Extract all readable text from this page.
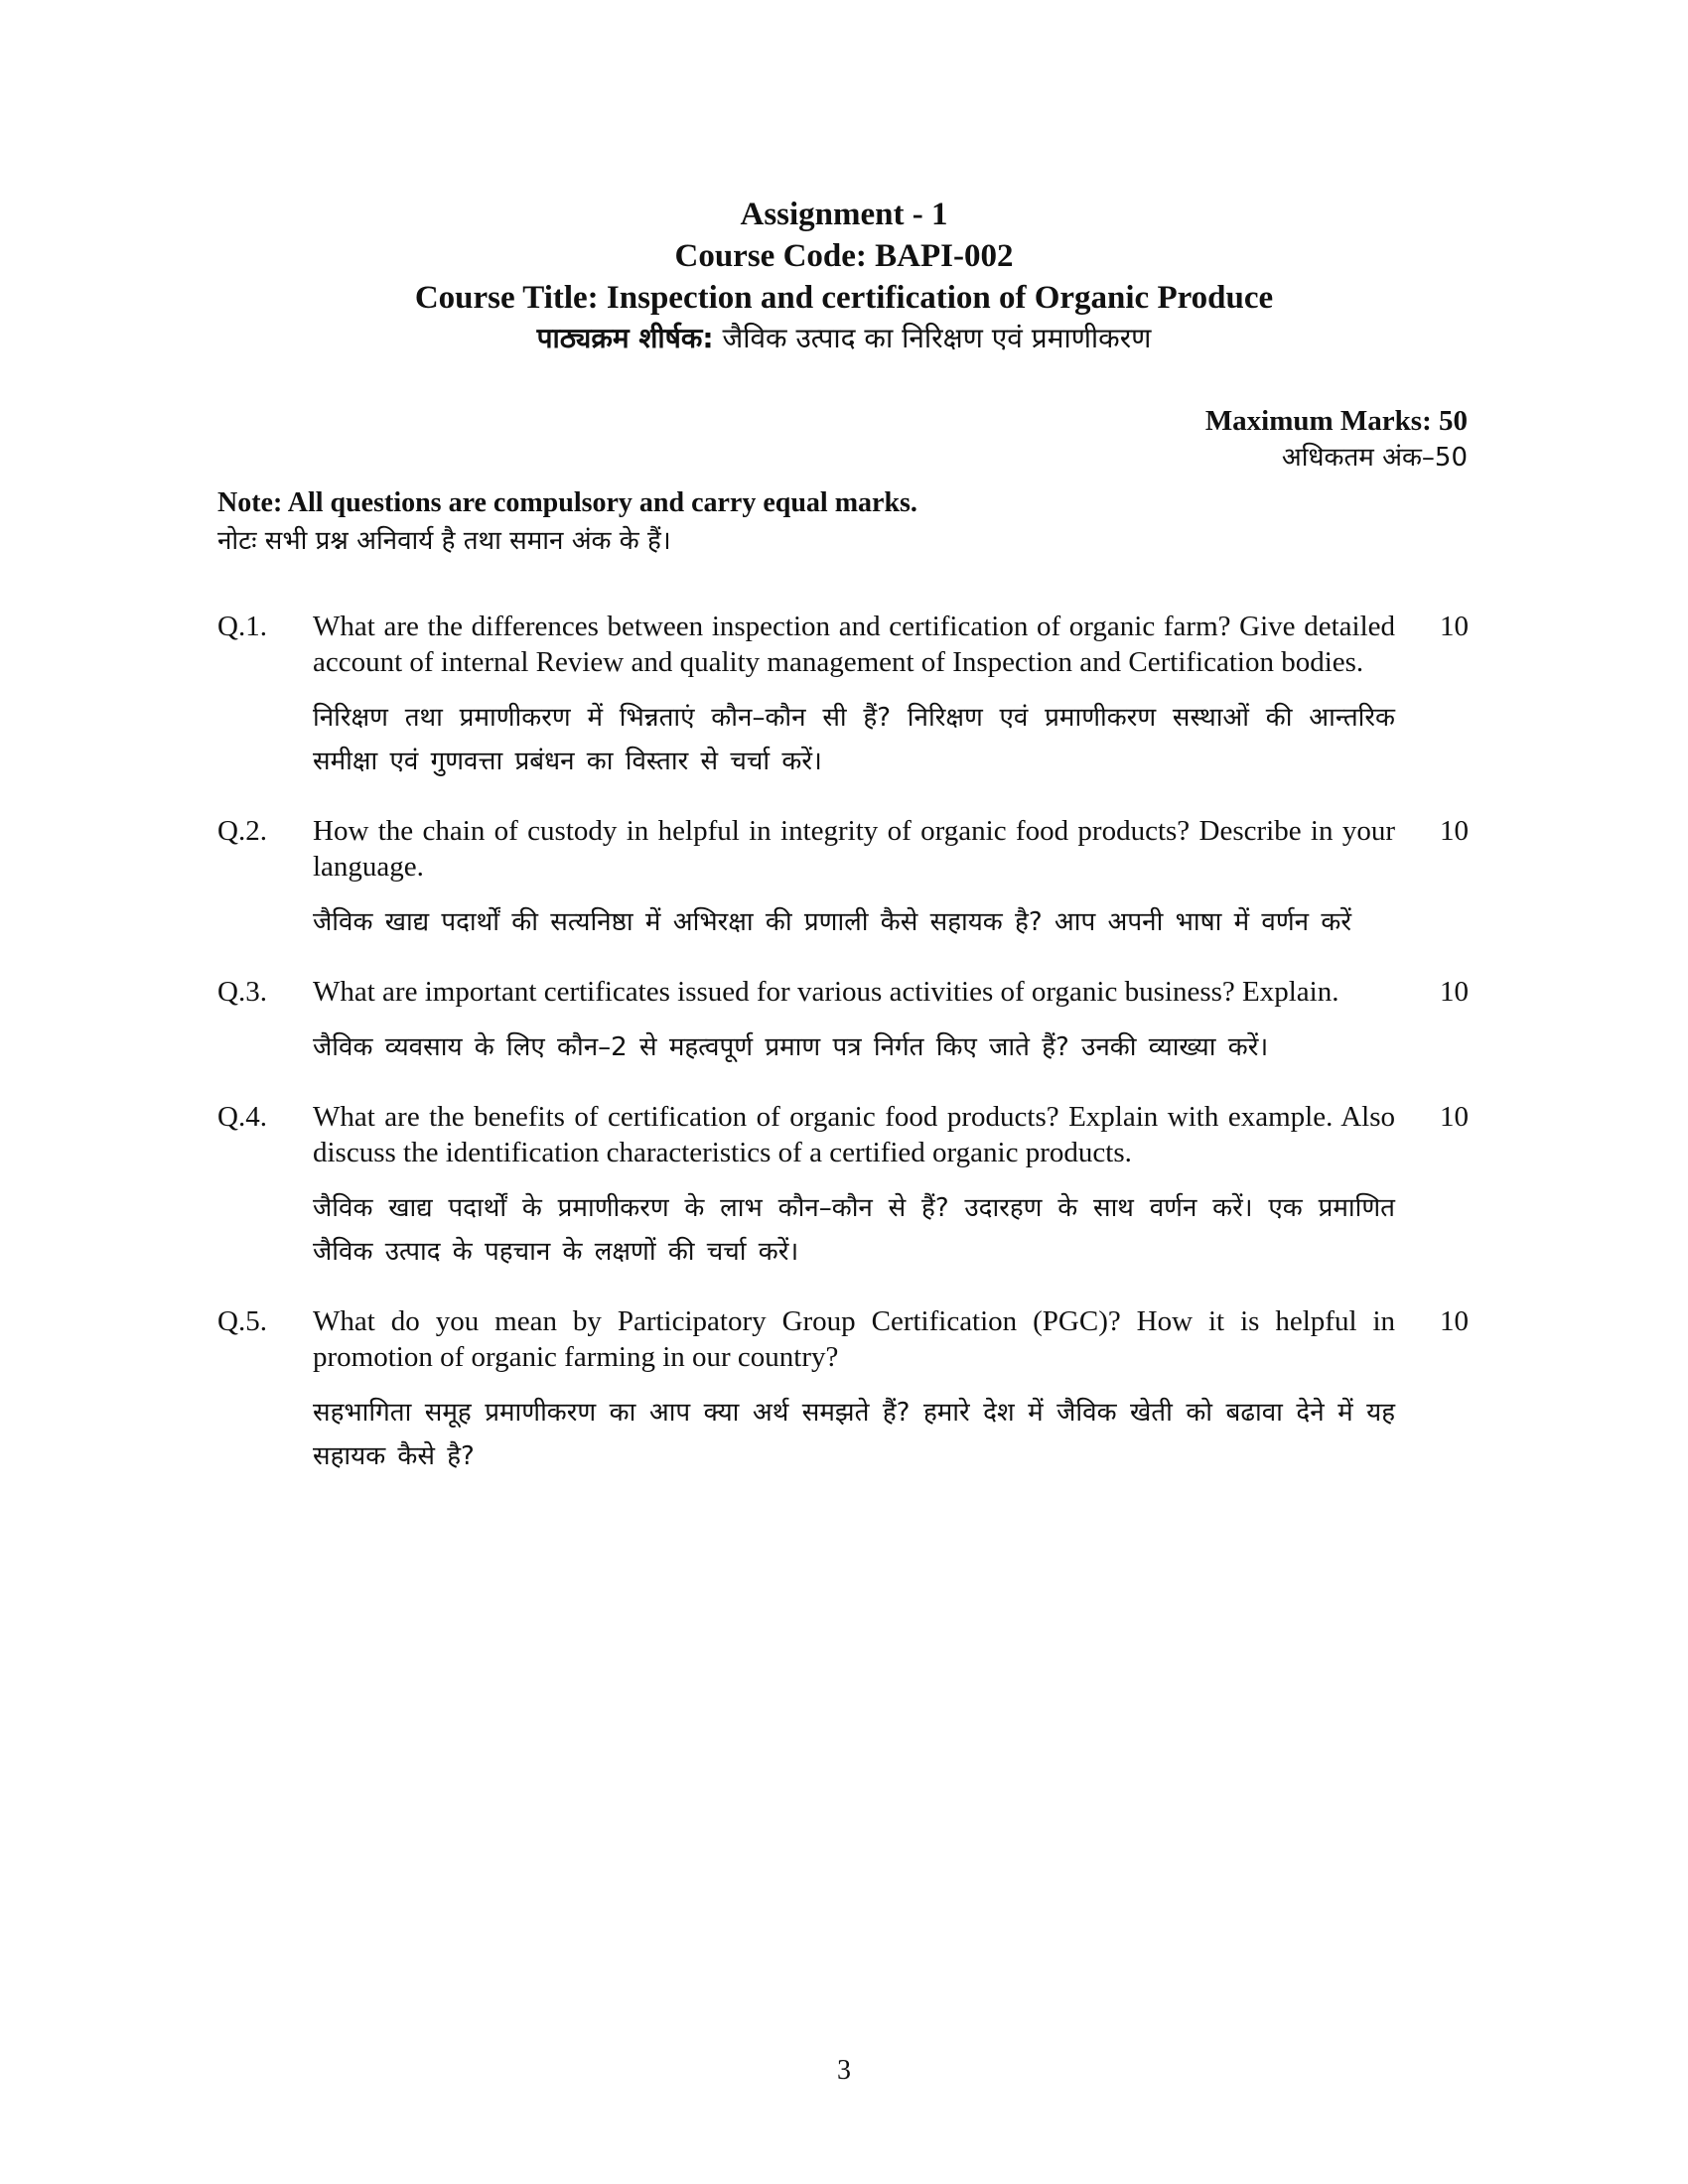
Assignment - 1
Course Code: BAPI-002
Course Title: Inspection and certification of Organic Produce
पाठ्यक्रम शीर्षक: जैविक उत्पाद का निरिक्षण एवं प्रमाणीकरण
Maximum Marks: 50
अधिकतम अंक–50
Note: All questions are compulsory and carry equal marks.
नोटः सभी प्रश्न अनिवार्य है तथा समान अंक के हैं।
Q.1. What are the differences between inspection and certification of organic farm? Give detailed account of internal Review and quality management of Inspection and Certification bodies.
निरिक्षण तथा प्रमाणीकरण में भिन्नताएं कौन–कौन सी हैं? निरिक्षण एवं प्रमाणीकरण सस्थाओं की आन्तरिक समीक्षा एवं गुणवत्ता प्रबंधन का विस्तार से चर्चा करें।
10
Q.2. How the chain of custody in helpful in integrity of organic food products? Describe in your language.
जैविक खाद्य पदार्थों की सत्यनिष्ठा में अभिरक्षा की प्रणाली कैसे सहायक है? आप अपनी भाषा में वर्णन करें
10
Q.3. What are important certificates issued for various activities of organic business? Explain.
जैविक व्यवसाय के लिए कौन–2 से महत्वपूर्ण प्रमाण पत्र निर्गत किए जाते हैं? उनकी व्याख्या करें।
10
Q.4. What are the benefits of certification of organic food products? Explain with example. Also discuss the identification characteristics of a certified organic products.
जैविक खाद्य पदार्थों के प्रमाणीकरण के लाभ कौन–कौन से हैं? उदारहण के साथ वर्णन करें। एक प्रमाणित जैविक उत्पाद के पहचान के लक्षणों की चर्चा करें।
10
Q.5. What do you mean by Participatory Group Certification (PGC)? How it is helpful in promotion of organic farming in our country?
सहभागिता समूह प्रमाणीकरण का आप क्या अर्थ समझते हैं? हमारे देश में जैविक खेती को बढावा देने में यह सहायक कैसे है?
10
3
